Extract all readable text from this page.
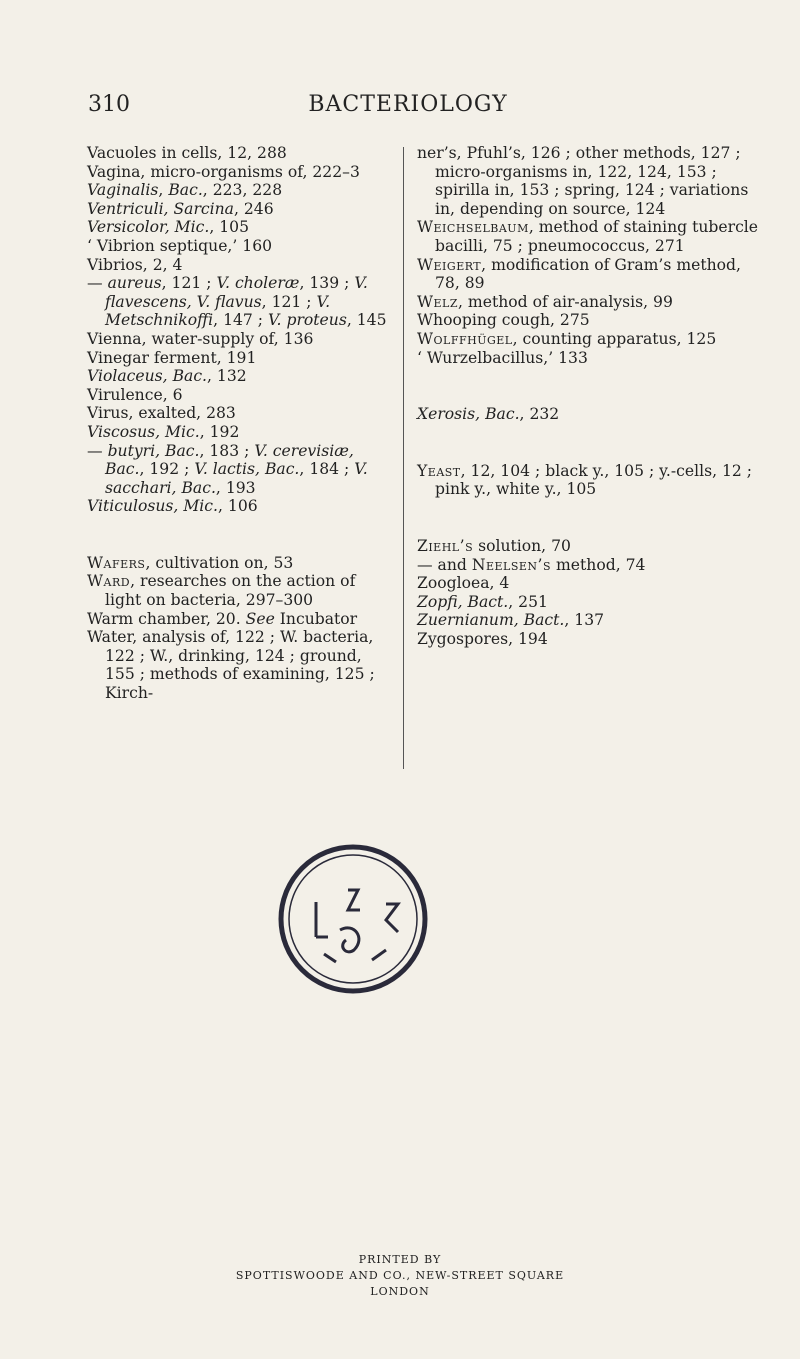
310	BACTERIOLOGY

Vacuoles in cells, 12, 288

Vagina, micro-organisms of, 222–3

Vaginalis, Bac., 223, 228

Ventriculi, Sarcina, 246

Versicolor, Mic., 105

‘ Vibrion septique,’ 160

Vibrios, 2, 4

— aureus, 121 ; V. choleræ, 139 ; V. flavescens, V. flavus, 121 ; V. Metschnikoffi, 147 ; V. proteus, 145

Vienna, water-supply of, 136

Vinegar ferment, 191

Violaceus, Bac., 132

Virulence, 6

Virus, exalted, 283

Viscosus, Mic., 192

— butyri, Bac., 183 ; V. cerevisiæ, Bac., 192 ; V. lactis, Bac., 184 ; V. sacchari, Bac., 193

Viticulosus, Mic., 106

Wafers, cultivation on, 53

Ward, researches on the action of light on bacteria, 297–300

Warm chamber, 20. See Incubator

Water, analysis of, 122 ; W. bacteria, 122 ; W., drinking, 124 ; ground, 155 ; methods of examining, 125 ; Kirch-

ner’s, Pfuhl’s, 126 ; other methods, 127 ; micro-organisms in, 122, 124, 153 ; spirilla in, 153 ; spring, 124 ; variations in, depending on source, 124

Weichselbaum, method of staining tubercle bacilli, 75 ; pneumococcus, 271

Weigert, modification of Gram’s method, 78, 89

Welz, method of air-analysis, 99

Whooping cough, 275

Wolffhügel, counting apparatus, 125

‘ Wurzelbacillus,’ 133

Xerosis, Bac., 232

Yeast, 12, 104 ; black y., 105 ; y.-cells, 12 ; pink y., white y., 105

Ziehl’s solution, 70

— and Neelsen’s method, 74

Zoogloea, 4

Zopfi, Bact., 251

Zuernianum, Bact., 137

Zygospores, 194

PRINTED BY
SPOTTISWOODE AND CO., NEW-STREET SQUARE
LONDON
